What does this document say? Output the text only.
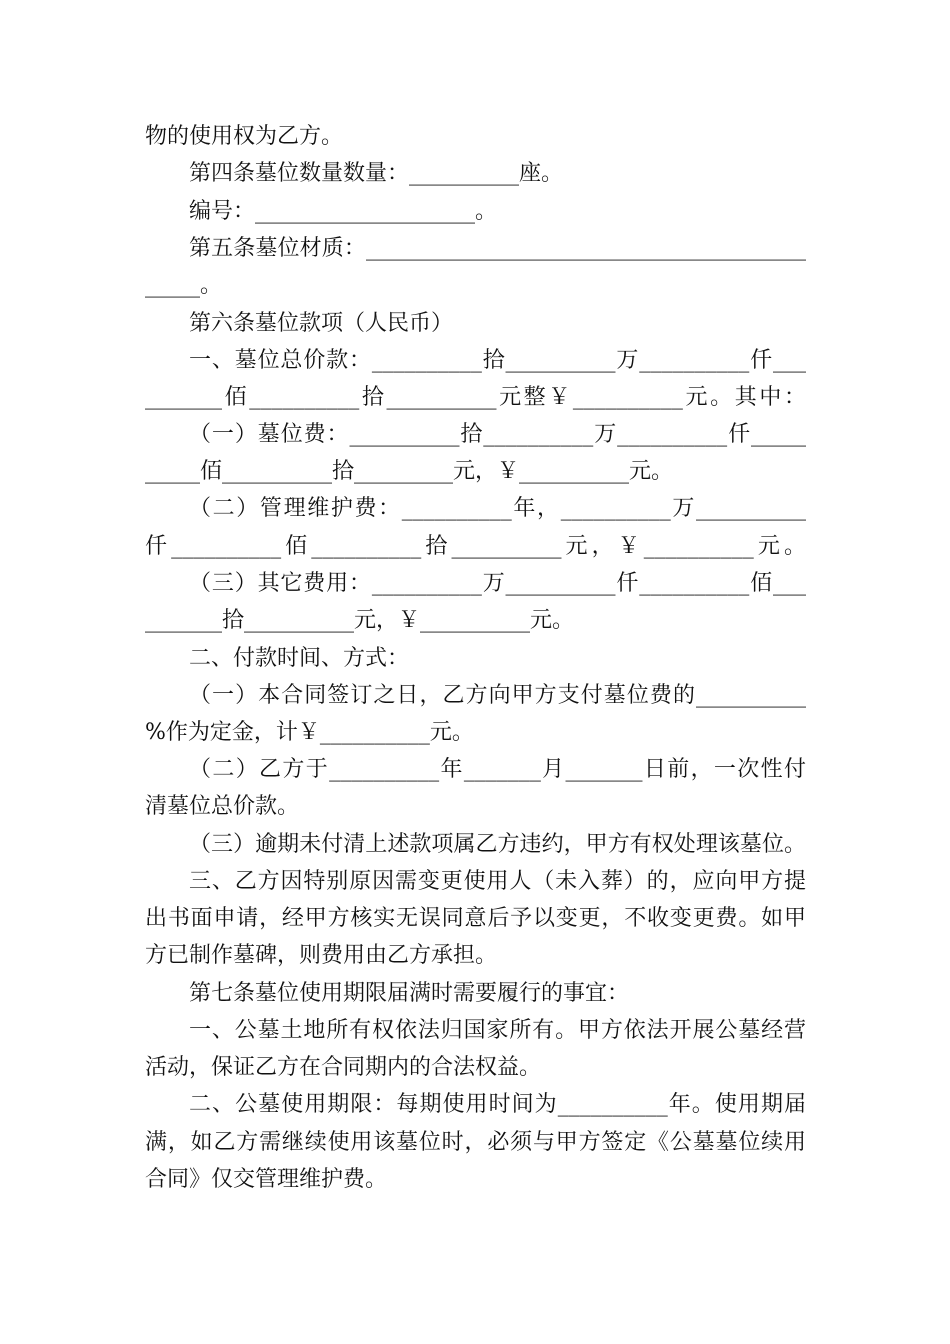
物的使用权为乙方。
第四条墓位数量数量：__________座。
编号：____________________。
第五条墓位材质：________________________________________
_____。
第六条墓位款项（人民币）
一、墓位总价款：__________拾__________万__________仟___
_______佰__________拾__________元整￥__________元。其中：
（一）墓位费：__________拾__________万__________仟_____
_____佰__________拾_________元，￥__________元。
（二）管理维护费：__________年，__________万__________
仟__________佰__________拾__________元，￥__________元。
（三）其它费用：__________万__________仟__________佰___
_______拾__________元，￥__________元。
二、付款时间、方式：
（一）本合同签订之日，乙方向甲方支付墓位费的__________
%作为定金，计￥__________元。
（二）乙方于__________年_______月_______日前，一次性付
清墓位总价款。
（三）逾期未付清上述款项属乙方违约，甲方有权处理该墓位。
三、乙方因特别原因需变更使用人（未入葬）的，应向甲方提
出书面申请，经甲方核实无误同意后予以变更，不收变更费。如甲
方已制作墓碑，则费用由乙方承担。
第七条墓位使用期限届满时需要履行的事宜：
一、公墓土地所有权依法归国家所有。甲方依法开展公墓经营
活动，保证乙方在合同期内的合法权益。
二、公墓使用期限：每期使用时间为__________年。使用期届
满，如乙方需继续使用该墓位时，必须与甲方签定《公墓墓位续用
合同》仅交管理维护费。
